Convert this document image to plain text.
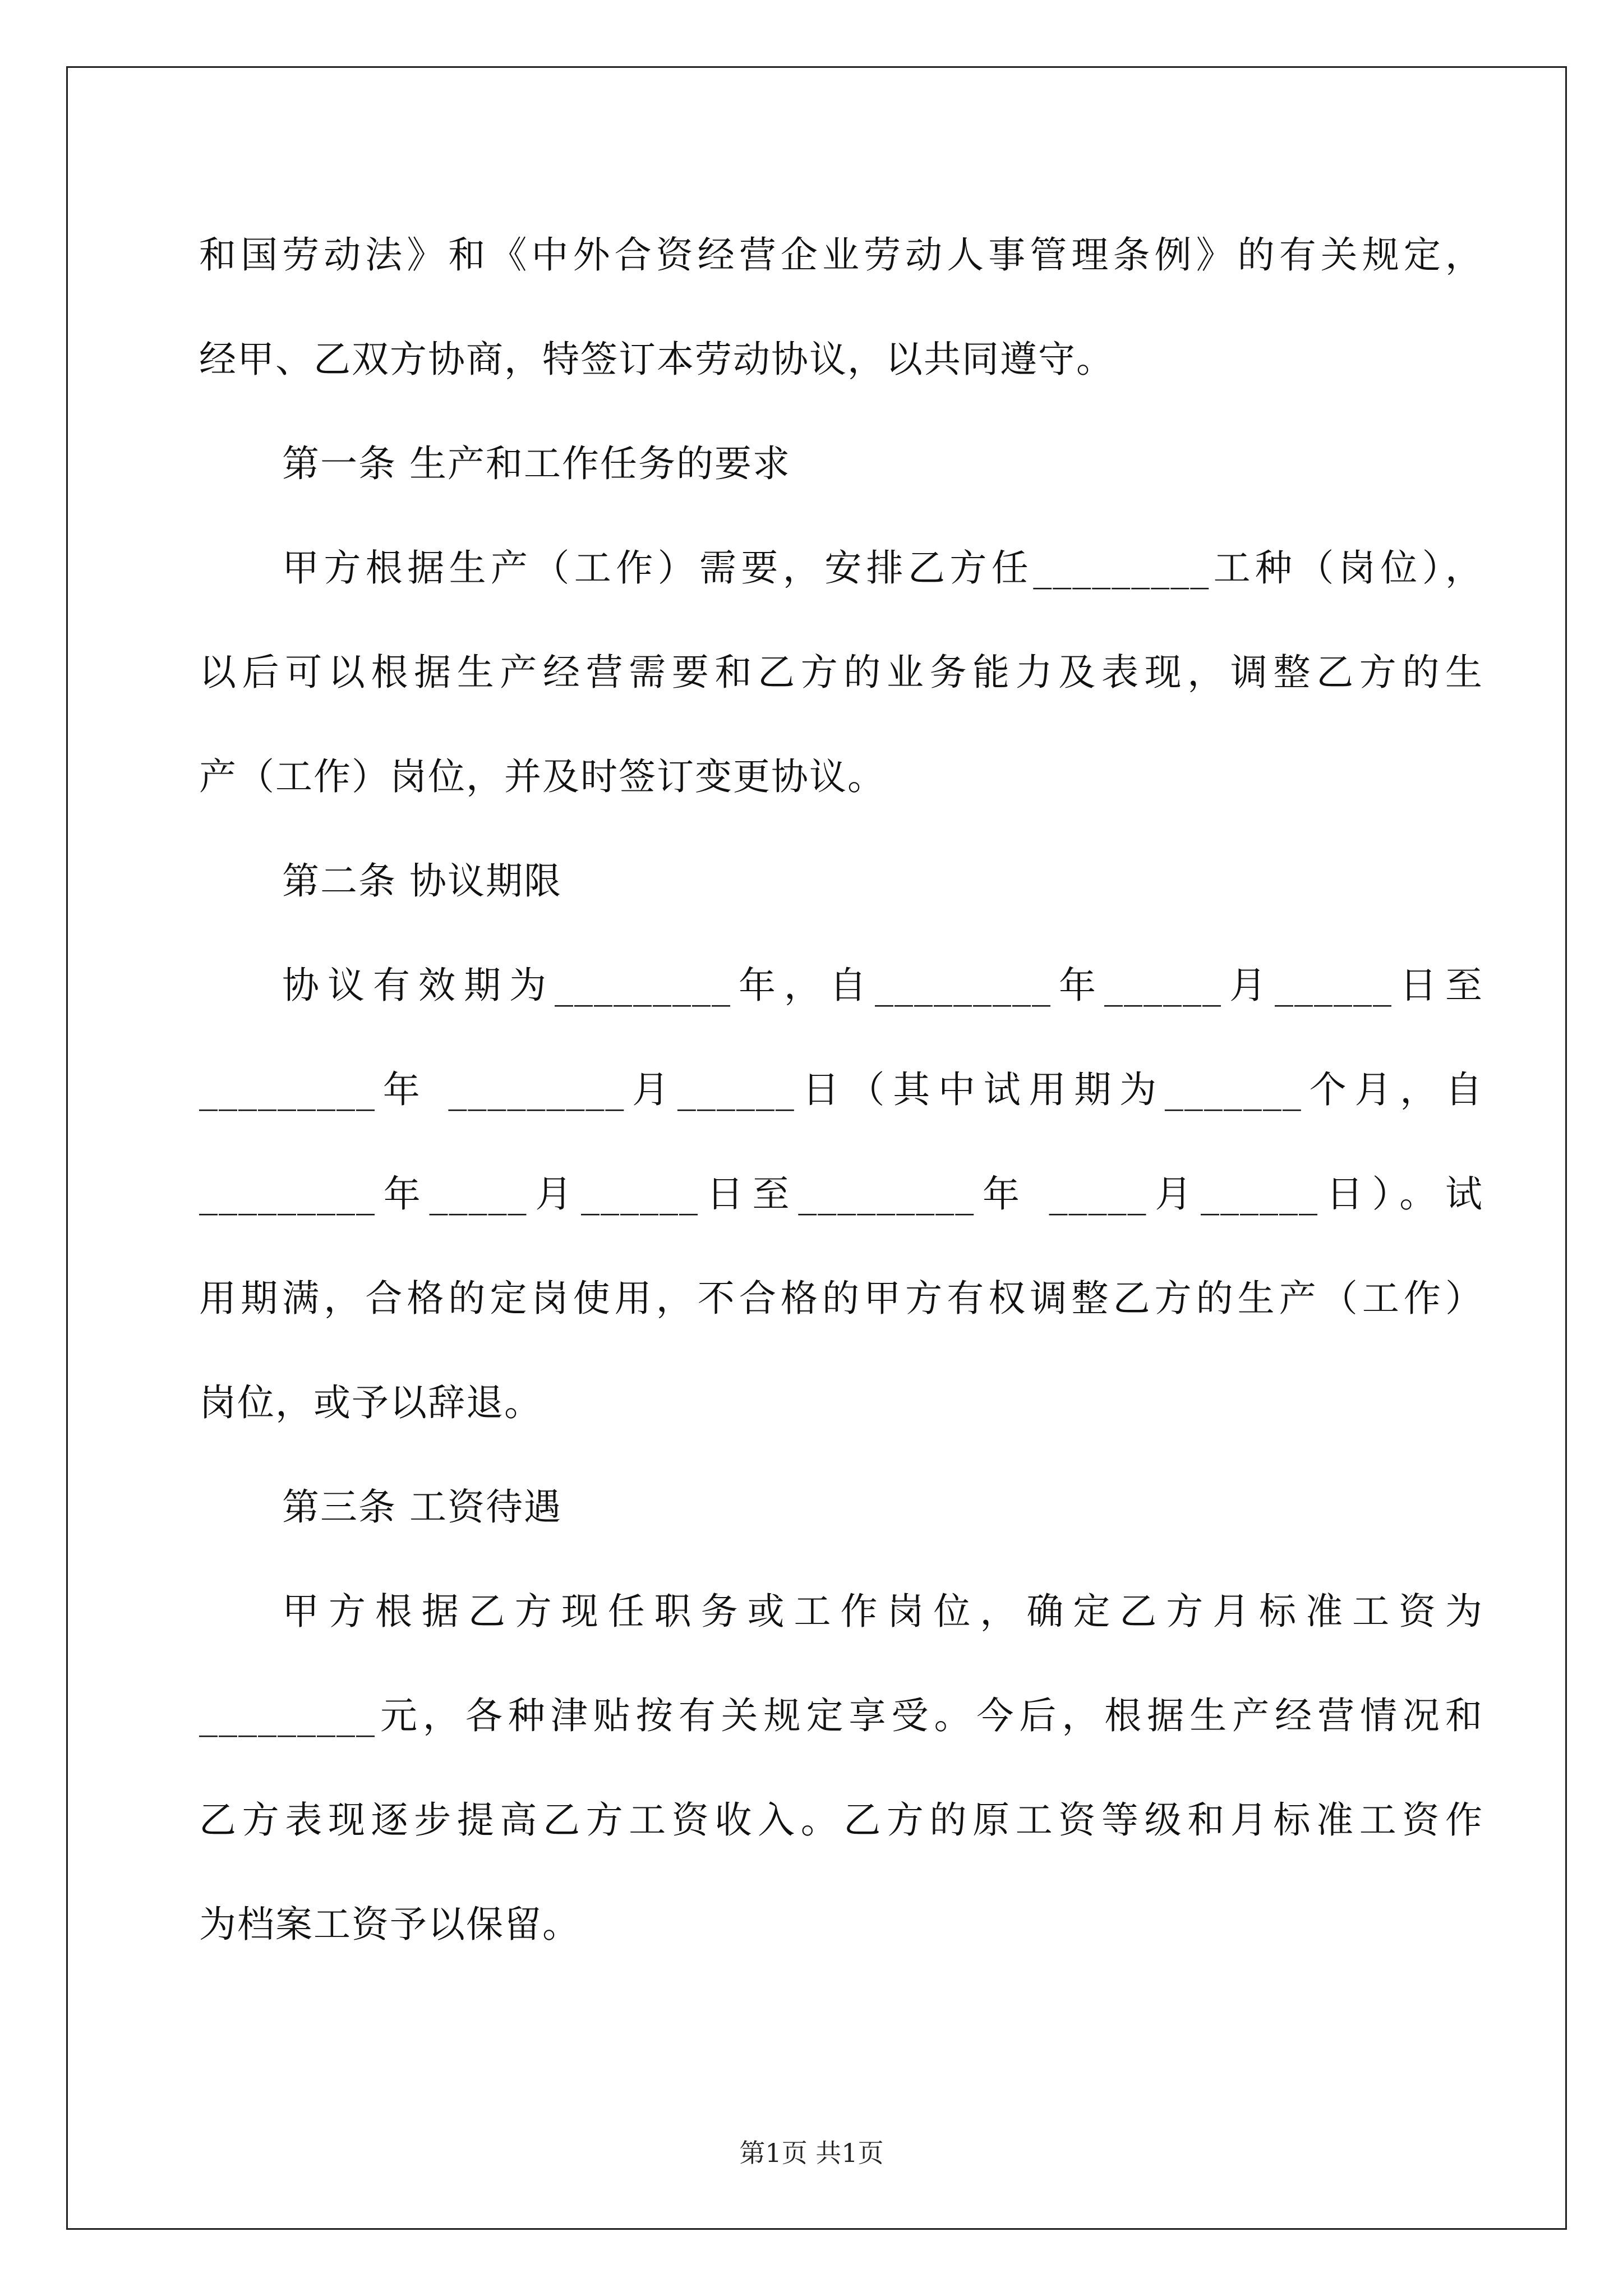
和国劳动法》和《中外合资经营企业劳动人事管理条例》的有关规定，
经甲、乙双方协商，特签订本劳动协议，以共同遵守。
第一条 生产和工作任务的要求
甲方根据生产（工作）需要，安排乙方任_________工种（岗位），
以后可以根据生产经营需要和乙方的业务能力及表现，调整乙方的生
产（工作）岗位，并及时签订变更协议。
第二条 协议期限
协议有效期为_________年，自_________年______月______日至
_________年 _________月______日（其中试用期为_______个月，自
_________年_____月______日至_________年 _____月______日）。试
用期满，合格的定岗使用，不合格的甲方有权调整乙方的生产（工作）
岗位，或予以辞退。
第三条 工资待遇
甲方根据乙方现任职务或工作岗位，确定乙方月标准工资为
_________元，各种津贴按有关规定享受。今后，根据生产经营情况和
乙方表现逐步提高乙方工资收入。乙方的原工资等级和月标准工资作
为档案工资予以保留。
第1页 共1页
